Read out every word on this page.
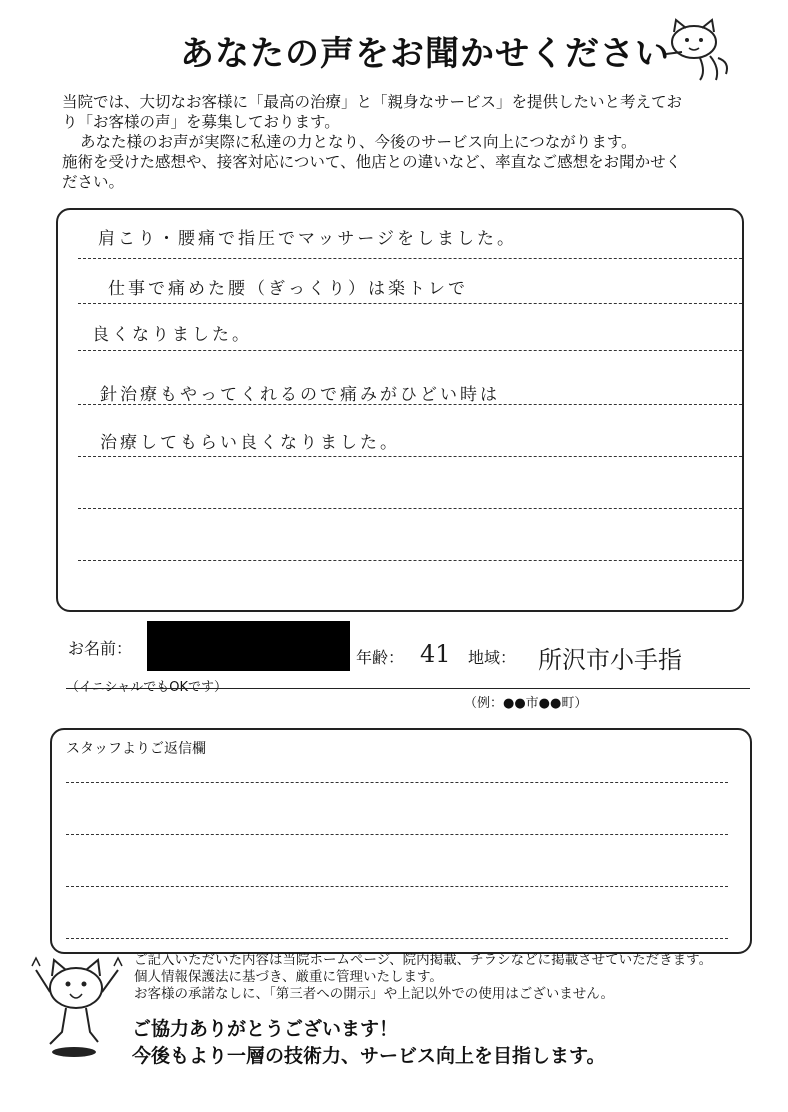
あなたの声をお聞かせください

当院では、大切なお客様に「最高の治療」と「親身なサービス」を提供したいと考えてお

り「お客様の声」を募集しております。

あなた様のお声が実際に私達の力となり、今後のサービス向上につながります。

施術を受けた感想や、接客対応について、他店との違いなど、率直なご感想をお聞かせく

ださい。

肩こり・腰痛で指圧でマッサージをしました。
仕事で痛めた腰（ぎっくり）は楽トレで
良くなりました。
針治療もやってくれるので痛みがひどい時は
治療してもらい良くなりました。
お名前：	年齢： 41 地域： 所沢市小手指
（イニシャルでもOKです）
（例：●●市●●町）
スタッフよりご返信欄

ご記入いただいた内容は当院ホームページ、院内掲載、チラシなどに掲載させていただきます。

個人情報保護法に基づき、厳重に管理いたします。

お客様の承諾なしに、「第三者への開示」や上記以外での使用はございません。

ご協力ありがとうございます！

今後もより一層の技術力、サービス向上を目指します。
